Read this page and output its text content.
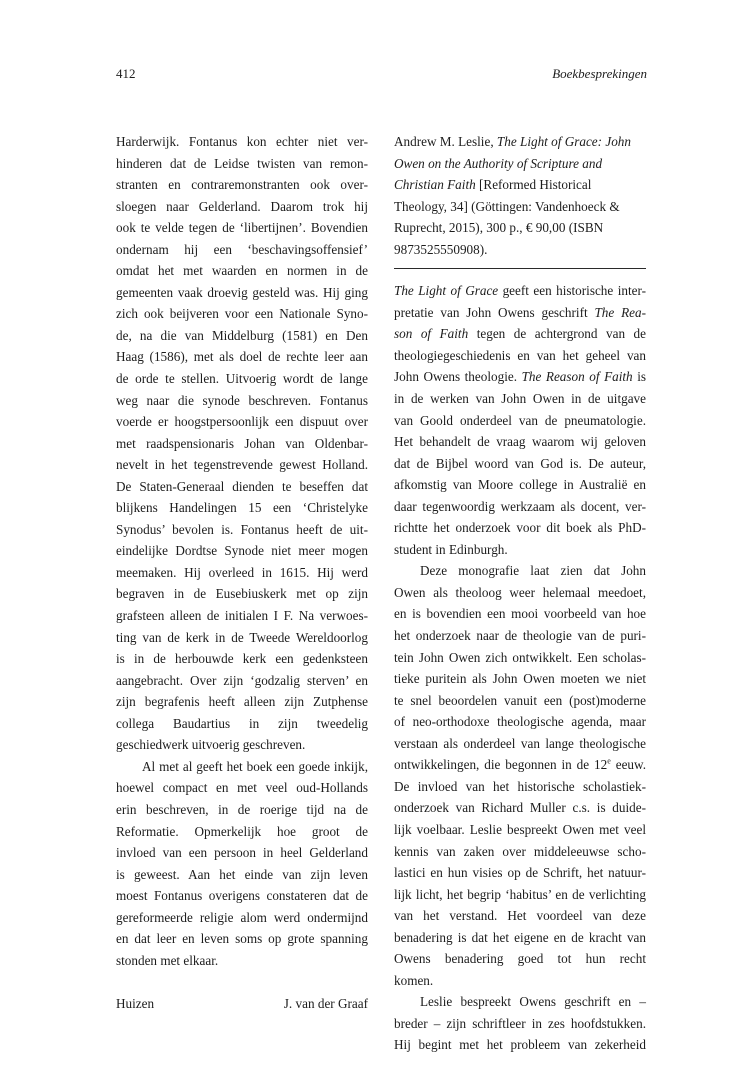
412	Boekbesprekingen
Harderwijk. Fontanus kon echter niet ver-
hinderen dat de Leidse twisten van remon-
stranten en contraremonstranten ook over-
sloegen naar Gelderland. Daarom trok hij
ook te velde tegen de ‘libertijnen’. Bovendien
ondernam hij een ‘beschavingsoffensief’
omdat het met waarden en normen in de
gemeenten vaak droevig gesteld was. Hij ging
zich ook beijveren voor een Nationale Syno-
de, na die van Middelburg (1581) en Den
Haag (1586), met als doel de rechte leer aan
de orde te stellen. Uitvoerig wordt de lange
weg naar die synode beschreven. Fontanus
voerde er hoogstpersoonlijk een dispuut over
met raadspensionaris Johan van Oldenbar-
nevelt in het tegenstrevende gewest Holland.
De Staten-Generaal dienden te beseffen dat
blijkens Handelingen 15 een ‘Christelyke
Synodus’ bevolen is. Fontanus heeft de uit-
eindelijke Dordtse Synode niet meer mogen
meemaken. Hij overleed in 1615. Hij werd
begraven in de Eusebiuskerk met op zijn
grafsteen alleen de initialen I F. Na verwoes-
ting van de kerk in de Tweede Wereldoorlog
is in de herbouwde kerk een gedenksteen
aangebracht. Over zijn ‘godzalig sterven’ en
zijn begrafenis heeft alleen zijn Zutphense
collega Baudartius in zijn tweedelig
geschiedwerk uitvoerig geschreven.
Al met al geeft het boek een goede inkijk,
hoewel compact en met veel oud-Hollands
erin beschreven, in de roerige tijd na de
Reformatie. Opmerkelijk hoe groot de
invloed van een persoon in heel Gelderland
is geweest. Aan het einde van zijn leven
moest Fontanus overigens constateren dat de
gereformeerde religie alom werd ondermijnd
en dat leer en leven soms op grote spanning
stonden met elkaar.
Huizen	J. van der Graaf
Andrew M. Leslie, The Light of Grace: John
Owen on the Authority of Scripture and
Christian Faith [Reformed Historical
Theology, 34] (Göttingen: Vandenhoeck &
Ruprecht, 2015), 300 p., € 90,00 (ISBN
9873525550908).
The Light of Grace geeft een historische inter-
pretatie van John Owens geschrift The Rea-
son of Faith tegen de achtergrond van de
theologiegeschiedenis en van het geheel van
John Owens theologie. The Reason of Faith is
in de werken van John Owen in de uitgave
van Goold onderdeel van de pneumatologie.
Het behandelt de vraag waarom wij geloven
dat de Bijbel woord van God is. De auteur,
afkomstig van Moore college in Australië en
daar tegenwoordig werkzaam als docent, ver-
richtte het onderzoek voor dit boek als PhD-
student in Edinburgh.
Deze monografie laat zien dat John
Owen als theoloog weer helemaal meedoet,
en is bovendien een mooi voorbeeld van hoe
het onderzoek naar de theologie van de puri-
tein John Owen zich ontwikkelt. Een scholas-
tieke puritein als John Owen moeten we niet
te snel beoordelen vanuit een (post)moderne
of neo-orthodoxe theologische agenda, maar
verstaan als onderdeel van lange theologische
ontwikkelingen, die begonnen in de 12e eeuw.
De invloed van het historische scholastiek-
onderzoek van Richard Muller c.s. is duide-
lijk voelbaar. Leslie bespreekt Owen met veel
kennis van zaken over middeleeuwse scho-
lastici en hun visies op de Schrift, het natuur-
lijk licht, het begrip ‘habitus’ en de verlichting
van het verstand. Het voordeel van deze
benadering is dat het eigene en de kracht van
Owens benadering goed tot hun recht
komen.
Leslie bespreekt Owens geschrift en –
breder – zijn schriftleer in zes hoofdstukken.
Hij begint met het probleem van zekerheid
